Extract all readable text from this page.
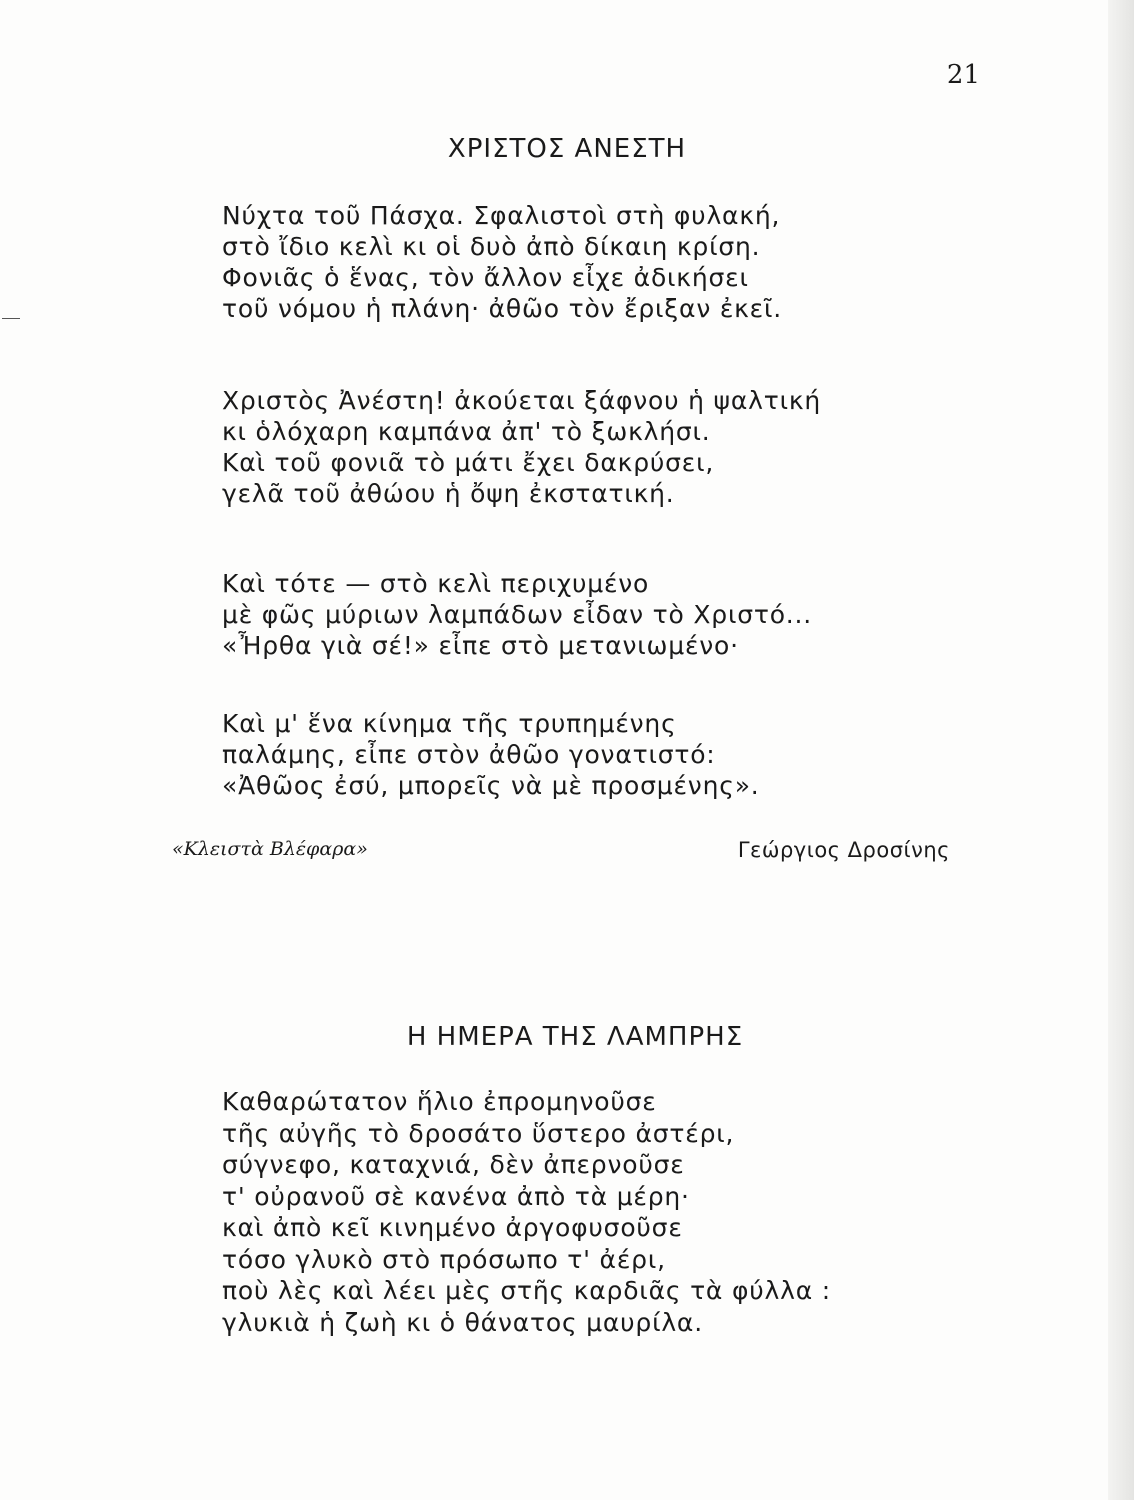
21
ΧΡΙΣΤΟΣ ΑΝΕΣΤΗ
Νύχτα τοῦ Πάσχα. Σφαλιστοὶ στὴ φυλακή,
στὸ ἴδιο κελὶ κι οἱ δυὸ ἀπὸ δίκαιη κρίση.
Φονιᾶς ὁ ἕνας, τὸν ἄλλον εἶχε ἀδικήσει
τοῦ νόμου ἡ πλάνη· ἀθῶο τὸν ἔριξαν ἐκεῖ.
Χριστὸς Ἀνέστη! ἀκούεται ξάφνου ἡ ψαλτική
κι ὁλόχαρη καμπάνα ἀπ' τὸ ξωκλήσι.
Καὶ τοῦ φονιᾶ τὸ μάτι ἔχει δακρύσει,
γελᾶ τοῦ ἀθώου ἡ ὄψη ἐκστατική.
Καὶ τότε — στὸ κελὶ περιχυμένο
μὲ φῶς μύριων λαμπάδων εἶδαν τὸ Χριστό...
«Ἦρθα γιὰ σέ!» εἶπε στὸ μετανιωμένο·
Καὶ μ' ἕνα κίνημα τῆς τρυπημένης
παλάμης, εἶπε στὸν ἀθῶο γονατιστό:
«Ἀθῶος ἐσύ, μπορεῖς νὰ μὲ προσμένης».
«Κλειστὰ Βλέφαρα»	Γεώργιος Δροσίνης
Η ΗΜΕΡΑ ΤΗΣ ΛΑΜΠΡΗΣ
Καθαρώτατον ἥλιο ἐπρομηνοῦσε
τῆς αὐγῆς τὸ δροσάτο ὕστερο ἀστέρι,
σύγνεφο, καταχνιά, δὲν ἀπερνοῦσε
τ' οὐρανοῦ σὲ κανένα ἀπὸ τὰ μέρη·
καὶ ἀπὸ κεῖ κινημένο ἀργοφυσοῦσε
τόσο γλυκὸ στὸ πρόσωπο τ' ἀέρι,
ποὺ λὲς καὶ λέει μὲς στῆς καρδιᾶς τὰ φύλλα :
γλυκιὰ ἡ ζωὴ κι ὁ θάνατος μαυρίλα.
